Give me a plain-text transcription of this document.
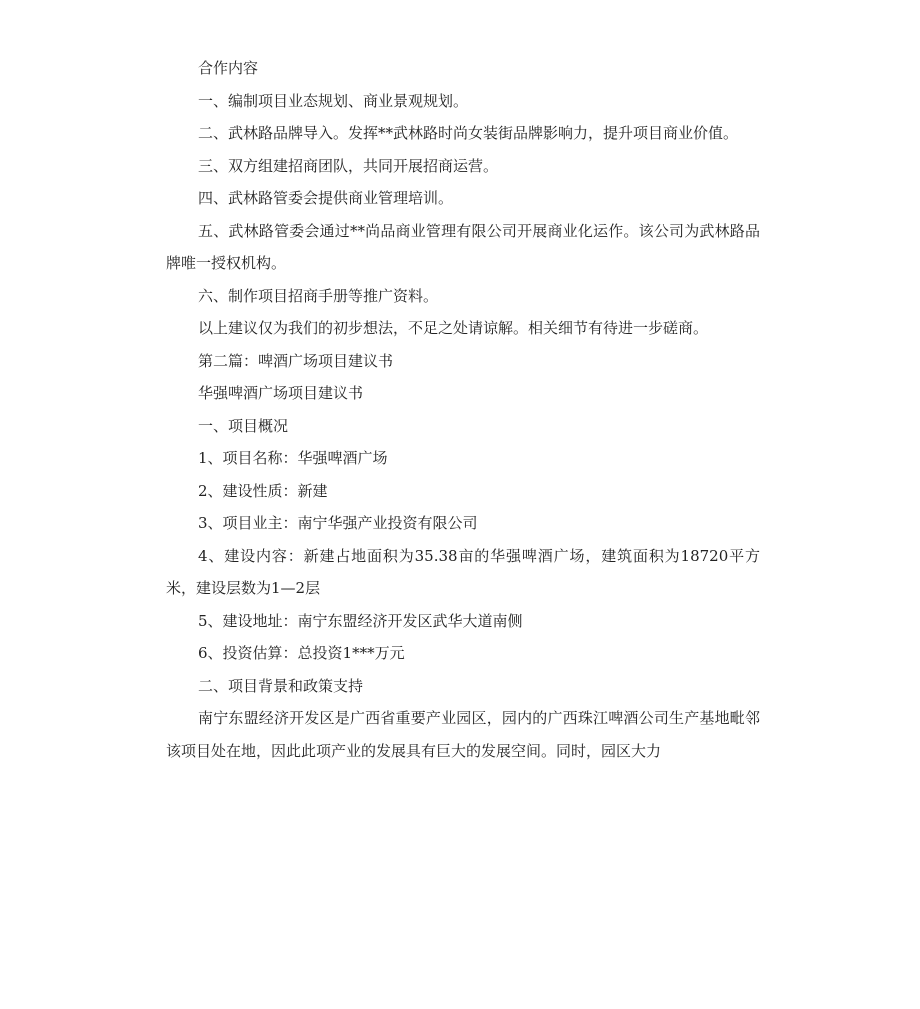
合作内容

一、编制项目业态规划、商业景观规划。

二、武林路品牌导入。发挥**武林路时尚女装街品牌影响力，提升项目商业价值。

三、双方组建招商团队，共同开展招商运营。

四、武林路管委会提供商业管理培训。

五、武林路管委会通过**尚品商业管理有限公司开展商业化运作。该公司为武林路品牌唯一授权机构。

六、制作项目招商手册等推广资料。

以上建议仅为我们的初步想法，不足之处请谅解。相关细节有待进一步磋商。

第二篇：啤酒广场项目建议书

华强啤酒广场项目建议书

一、项目概况

1、项目名称：华强啤酒广场

2、建设性质：新建

3、项目业主：南宁华强产业投资有限公司

4、建设内容：新建占地面积为35.38亩的华强啤酒广场，建筑面积为18720平方米，建设层数为1—2层

5、建设地址：南宁东盟经济开发区武华大道南侧

6、投资估算：总投资1***万元

二、项目背景和政策支持

南宁东盟经济开发区是广西省重要产业园区，园内的广西珠江啤酒公司生产基地毗邻该项目处在地，因此此项产业的发展具有巨大的发展空间。同时，园区大力
